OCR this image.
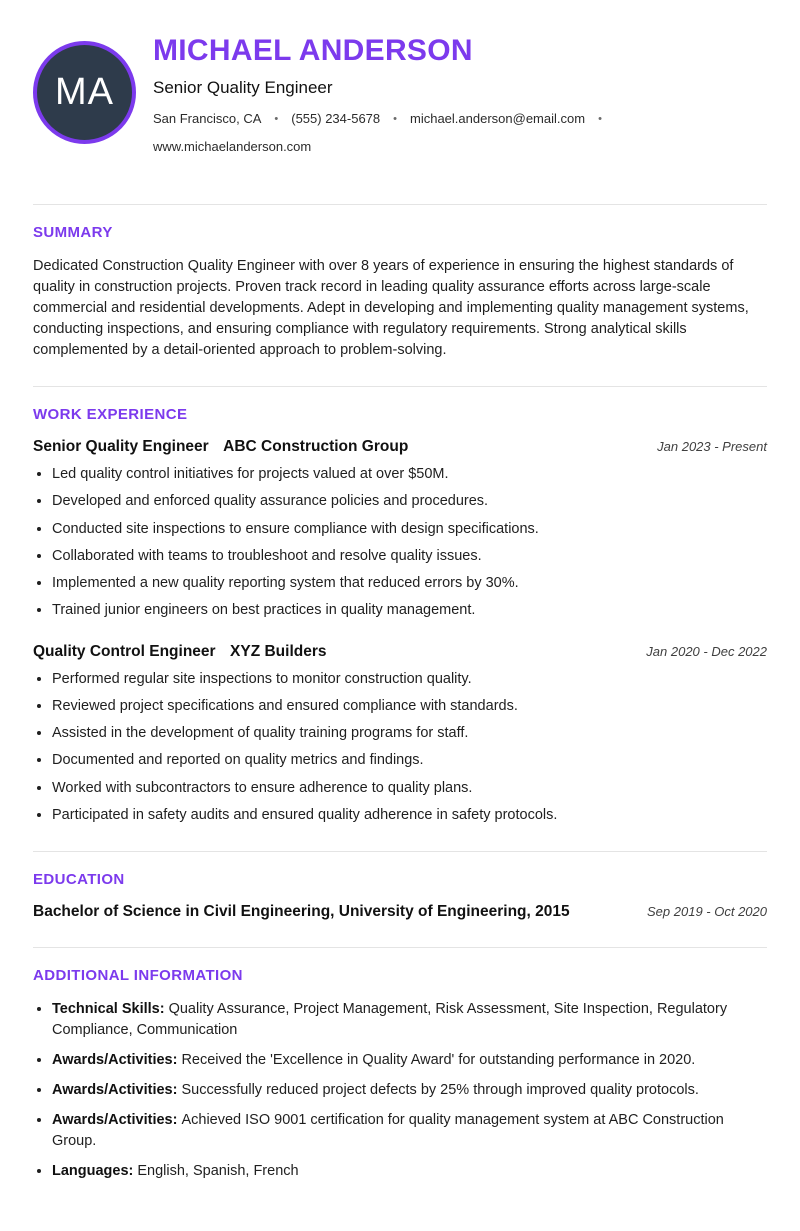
MA
MICHAEL ANDERSON
Senior Quality Engineer
San Francisco, CA • (555) 234-5678 • michael.anderson@email.com •
www.michaelanderson.com
SUMMARY

Dedicated Construction Quality Engineer with over 8 years of experience in ensuring the highest standards of quality in construction projects. Proven track record in leading quality assurance efforts across large-scale commercial and residential developments. Adept in developing and implementing quality management systems, conducting inspections, and ensuring compliance with regulatory requirements. Strong analytical skills complemented by a detail-oriented approach to problem-solving.

WORK EXPERIENCE
Senior Quality Engineer ABC Construction Group	Jan 2023 - Present
• Led quality control initiatives for projects valued at over $50M.
• Developed and enforced quality assurance policies and procedures.
• Conducted site inspections to ensure compliance with design specifications.
• Collaborated with teams to troubleshoot and resolve quality issues.
• Implemented a new quality reporting system that reduced errors by 30%.
• Trained junior engineers on best practices in quality management.
Quality Control Engineer XYZ Builders	Jan 2020 - Dec 2022
• Performed regular site inspections to monitor construction quality.
• Reviewed project specifications and ensured compliance with standards.
• Assisted in the development of quality training programs for staff.
• Documented and reported on quality metrics and findings.
• Worked with subcontractors to ensure adherence to quality plans.
• Participated in safety audits and ensured quality adherence in safety protocols.
EDUCATION
Bachelor of Science in Civil Engineering, University of Engineering, 2015	Sep 2019 - Oct 2020
ADDITIONAL INFORMATION
• Technical Skills: Quality Assurance, Project Management, Risk Assessment, Site Inspection, Regulatory Compliance, Communication
• Awards/Activities: Received the 'Excellence in Quality Award' for outstanding performance in 2020.
• Awards/Activities: Successfully reduced project defects by 25% through improved quality protocols.
• Awards/Activities: Achieved ISO 9001 certification for quality management system at ABC Construction Group.
• Languages: English, Spanish, French
